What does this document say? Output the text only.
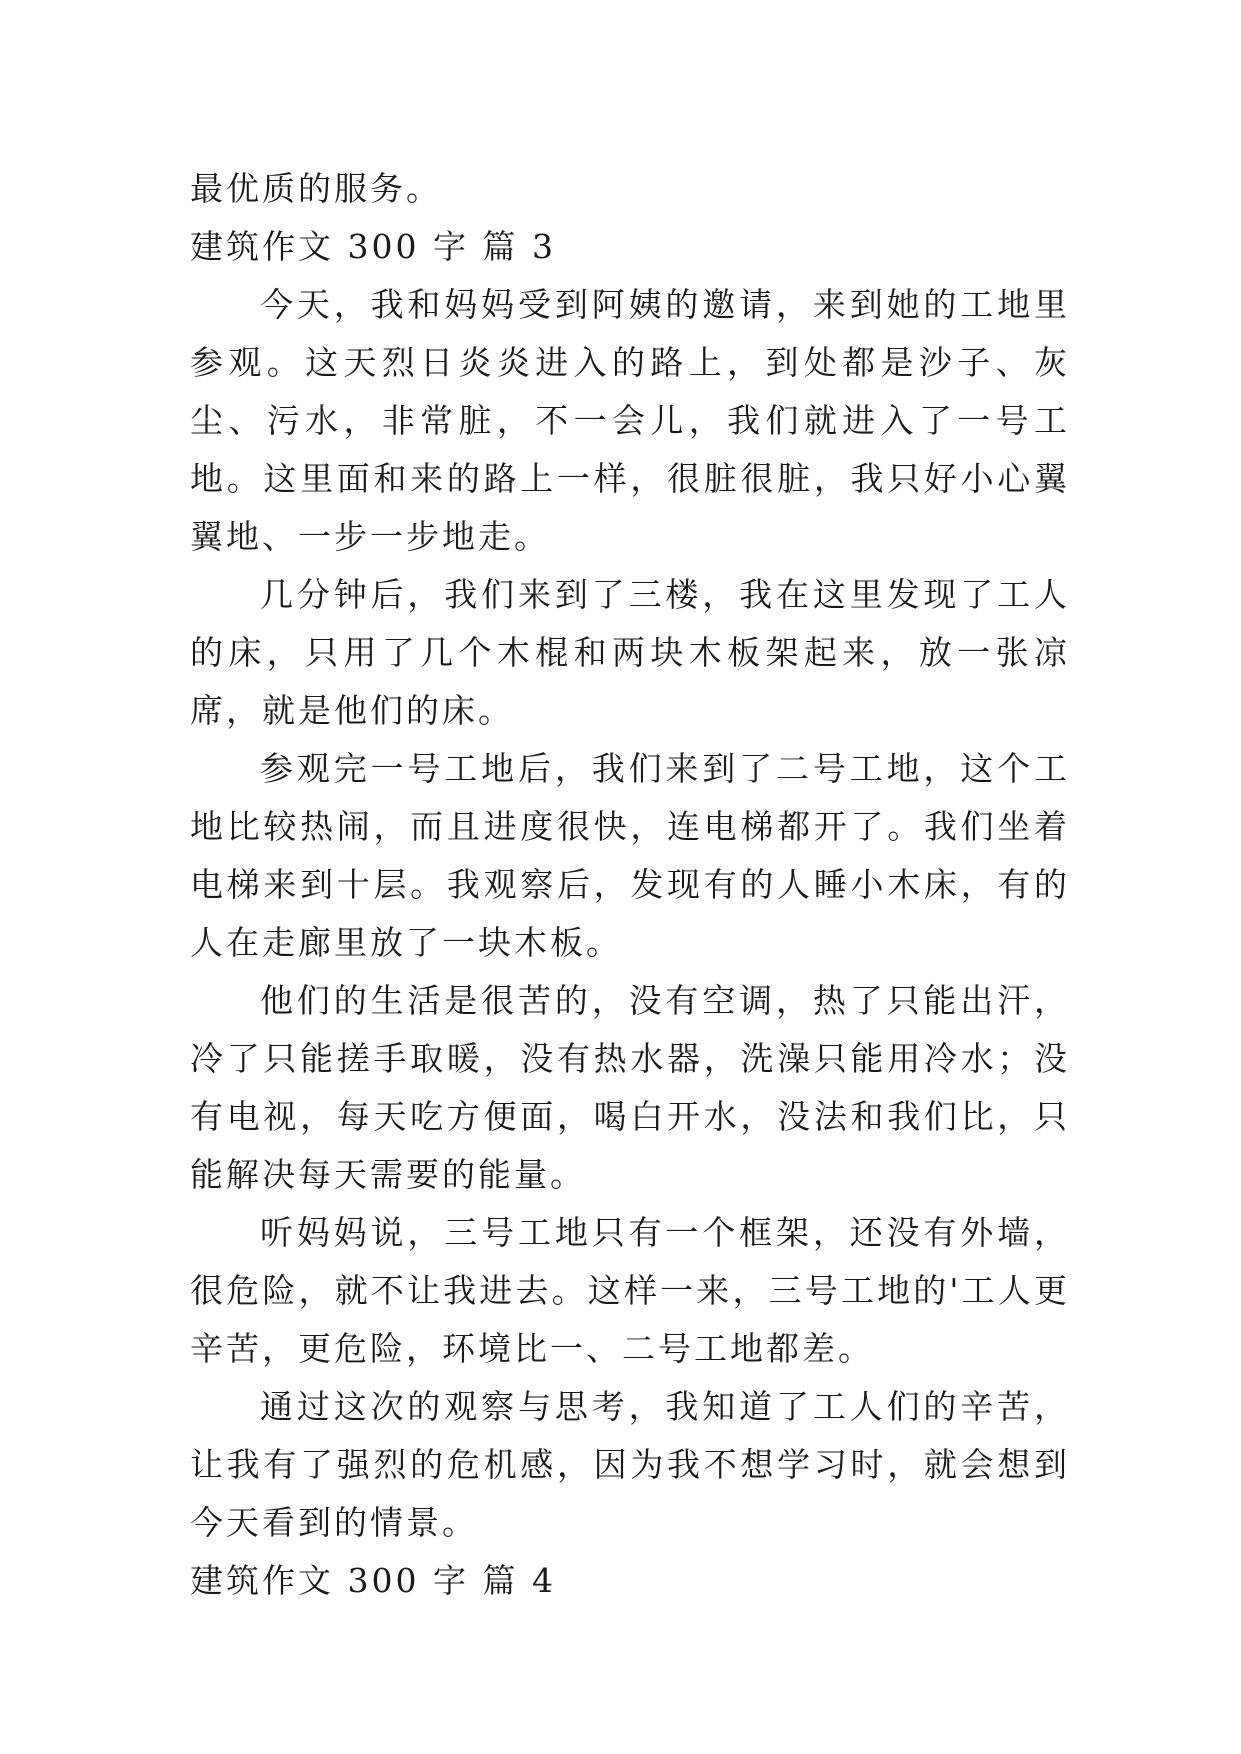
最优质的服务。

建筑作文 300 字 篇 3

今天，我和妈妈受到阿姨的邀请，来到她的工地里参观。这天烈日炎炎进入的路上，到处都是沙子、灰尘、污水，非常脏，不一会儿，我们就进入了一号工地。这里面和来的路上一样，很脏很脏，我只好小心翼翼地、一步一步地走。

几分钟后，我们来到了三楼，我在这里发现了工人的床，只用了几个木棍和两块木板架起来，放一张凉席，就是他们的床。

参观完一号工地后，我们来到了二号工地，这个工地比较热闹，而且进度很快，连电梯都开了。我们坐着电梯来到十层。我观察后，发现有的人睡小木床，有的人在走廊里放了一块木板。

他们的生活是很苦的，没有空调，热了只能出汗，冷了只能搓手取暖，没有热水器，洗澡只能用冷水；没有电视，每天吃方便面，喝白开水，没法和我们比，只能解决每天需要的能量。

听妈妈说，三号工地只有一个框架，还没有外墙，很危险，就不让我进去。这样一来，三号工地的'工人更辛苦，更危险，环境比一、二号工地都差。

通过这次的观察与思考，我知道了工人们的辛苦，让我有了强烈的危机感，因为我不想学习时，就会想到今天看到的情景。

建筑作文 300 字 篇 4
